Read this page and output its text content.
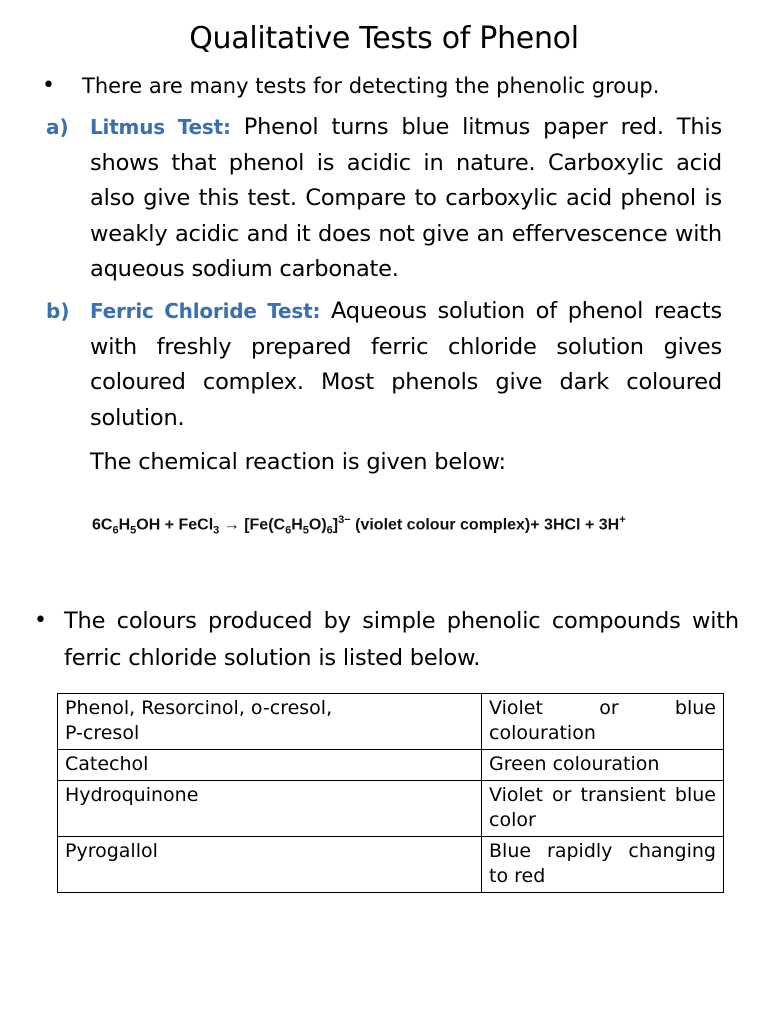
Qualitative Tests of Phenol
• There are many tests for detecting the phenolic group.
a) Litmus Test: Phenol turns blue litmus paper red. This shows that phenol is acidic in nature. Carboxylic acid also give this test. Compare to carboxylic acid phenol is weakly acidic and it does not give an effervescence with aqueous sodium carbonate.
b) Ferric Chloride Test: Aqueous solution of phenol reacts with freshly prepared ferric chloride solution gives coloured complex. Most phenols give dark coloured solution.
The chemical reaction is given below:
$6C_6H_5OH$ + FeCl$_3$ → $[Fe(C_6H_5O)_6]^{3-}$ (violet colour complex)+ 3HCl + 3H+
• The colours produced by simple phenolic compounds with ferric chloride solution is listed below.
Phenol, Resorcinol, o-cresol,
P-cresol	Violet or blue colouration
Catechol	Green colouration
Hydroquinone	Violet or transient blue color
Pyrogallol	Blue rapidly changing to red
